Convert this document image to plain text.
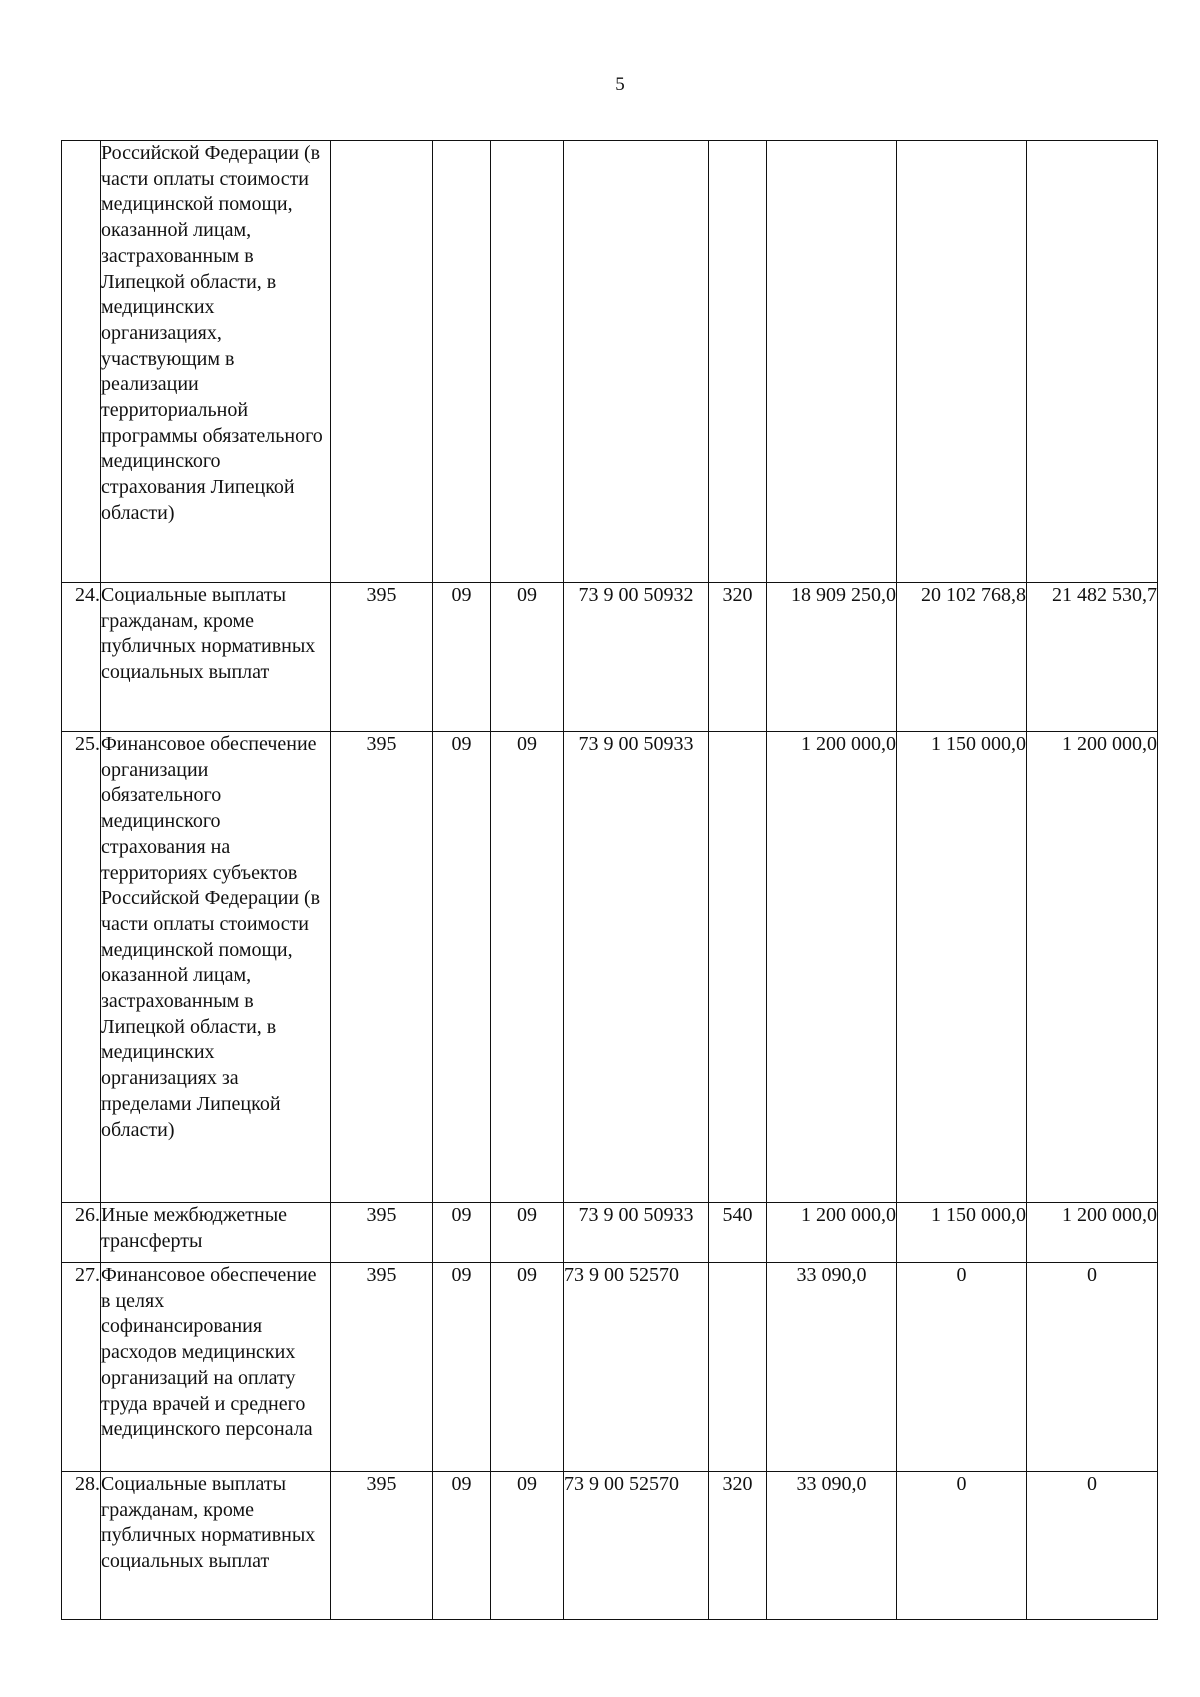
5
	Российской Федерации (в части оплаты стоимости медицинской помощи, оказанной лицам, застрахованным в Липецкой области, в медицинских организациях, участвующим в реализации территориальной программы обязательного медицинского страхования Липецкой области)								
24.	Социальные выплаты гражданам, кроме публичных нормативных социальных выплат	395	09	09	73 9 00 50932	320	18 909 250,0	20 102 768,8	21 482 530,7
25.	Финансовое обеспечение организации обязательного медицинского страхования на территориях субъектов Российской Федерации (в части оплаты стоимости медицинской помощи, оказанной лицам, застрахованным в Липецкой области, в медицинских организациях за пределами Липецкой области)	395	09	09	73 9 00 50933		1 200 000,0	1 150 000,0	1 200 000,0
26.	Иные межбюджетные трансферты	395	09	09	73 9 00 50933	540	1 200 000,0	1 150 000,0	1 200 000,0
27.	Финансовое обеспечение в целях софинансирования расходов медицинских организаций на оплату труда врачей и среднего медицинского персонала	395	09	09	73 9 00 52570		33 090,0	0	0
28.	Социальные выплаты гражданам, кроме публичных нормативных социальных выплат	395	09	09	73 9 00 52570	320	33 090,0	0	0
